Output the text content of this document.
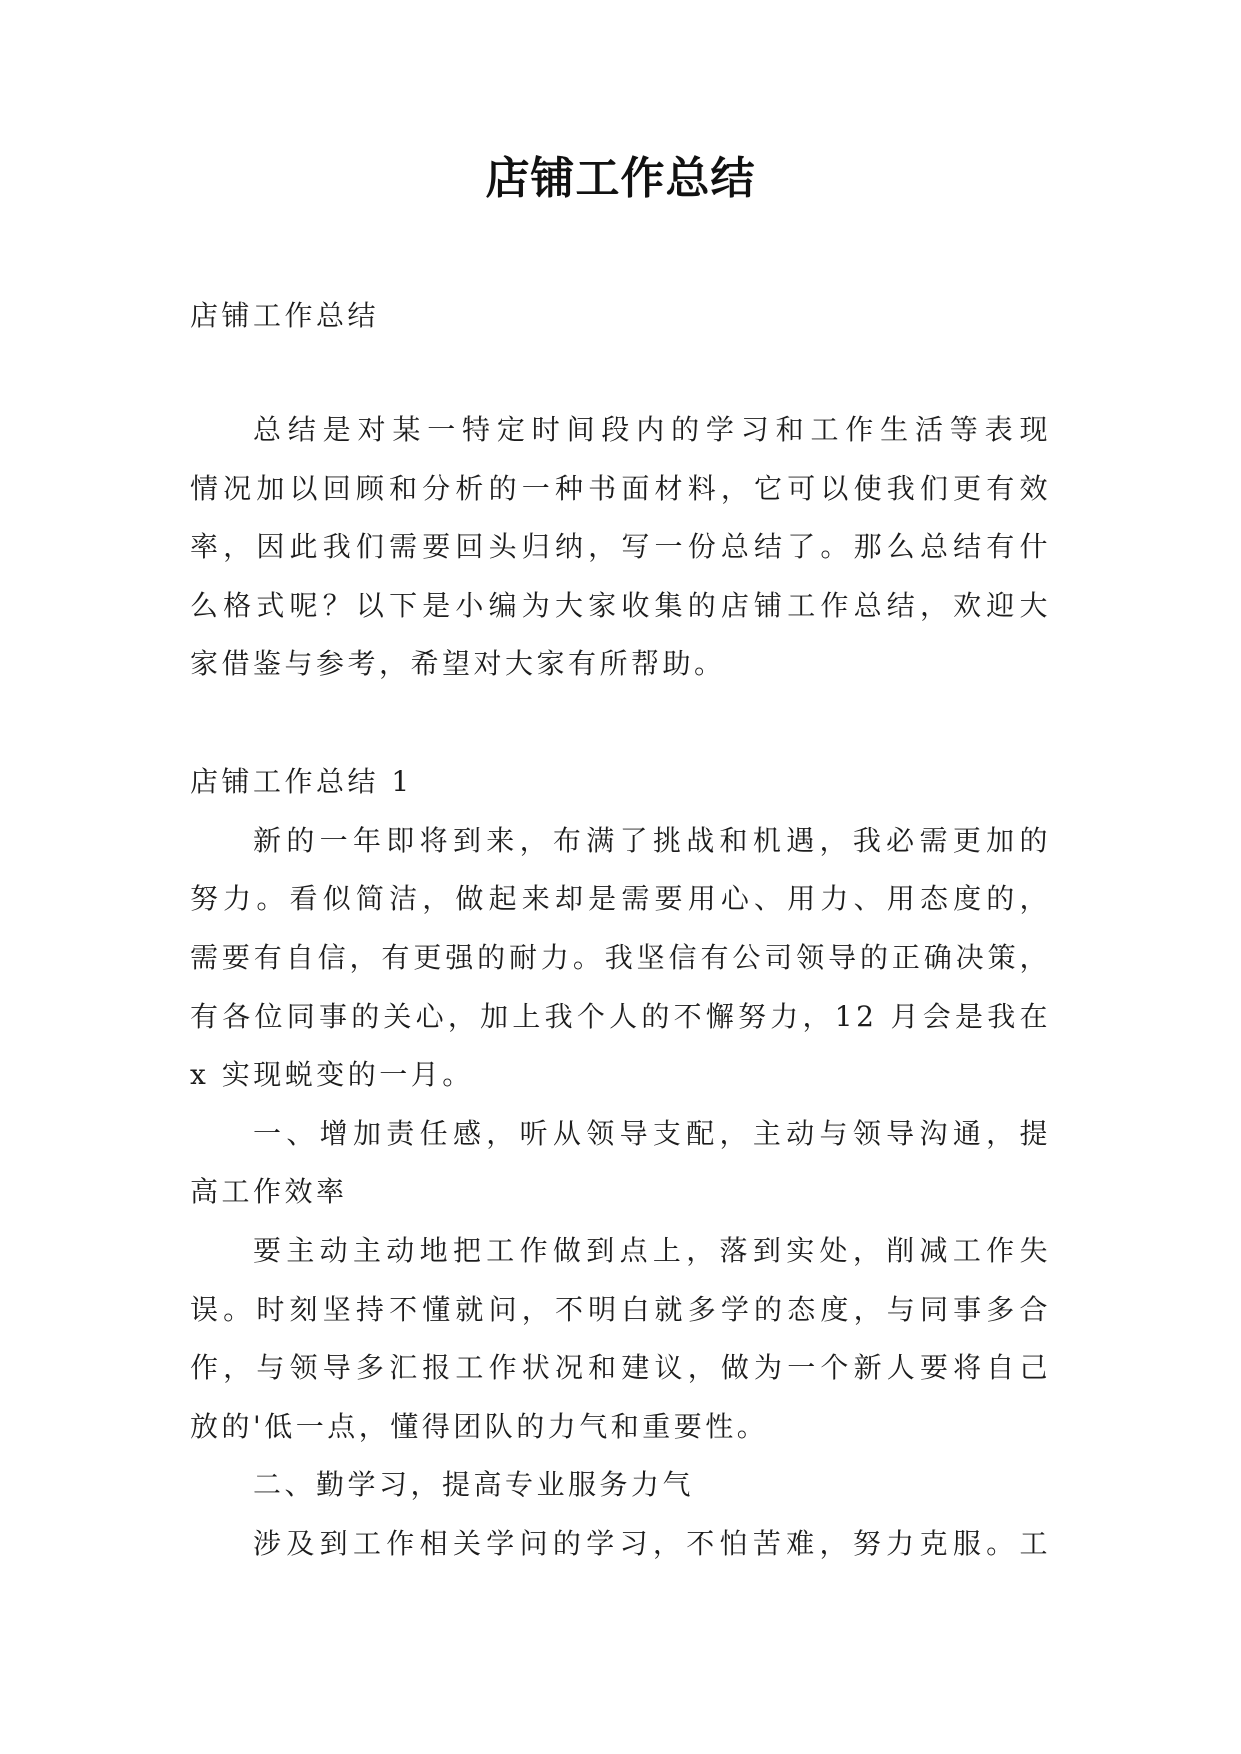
店铺工作总结
店铺工作总结
总结是对某一特定时间段内的学习和工作生活等表现
情况加以回顾和分析的一种书面材料，它可以使我们更有效
率，因此我们需要回头归纳，写一份总结了。那么总结有什
么格式呢？以下是小编为大家收集的店铺工作总结，欢迎大
家借鉴与参考，希望对大家有所帮助。
店铺工作总结 1
新的一年即将到来，布满了挑战和机遇，我必需更加的
努力。看似简洁，做起来却是需要用心、用力、用态度的，
需要有自信，有更强的耐力。我坚信有公司领导的正确决策，
有各位同事的关心，加上我个人的不懈努力，12 月会是我在
x 实现蜕变的一月。
一、增加责任感，听从领导支配，主动与领导沟通，提
高工作效率
要主动主动地把工作做到点上，落到实处，削减工作失
误。时刻坚持不懂就问，不明白就多学的态度，与同事多合
作，与领导多汇报工作状况和建议，做为一个新人要将自己
放的'低一点，懂得团队的力气和重要性。
二、勤学习，提高专业服务力气
涉及到工作相关学问的学习，不怕苦难，努力克服。工
